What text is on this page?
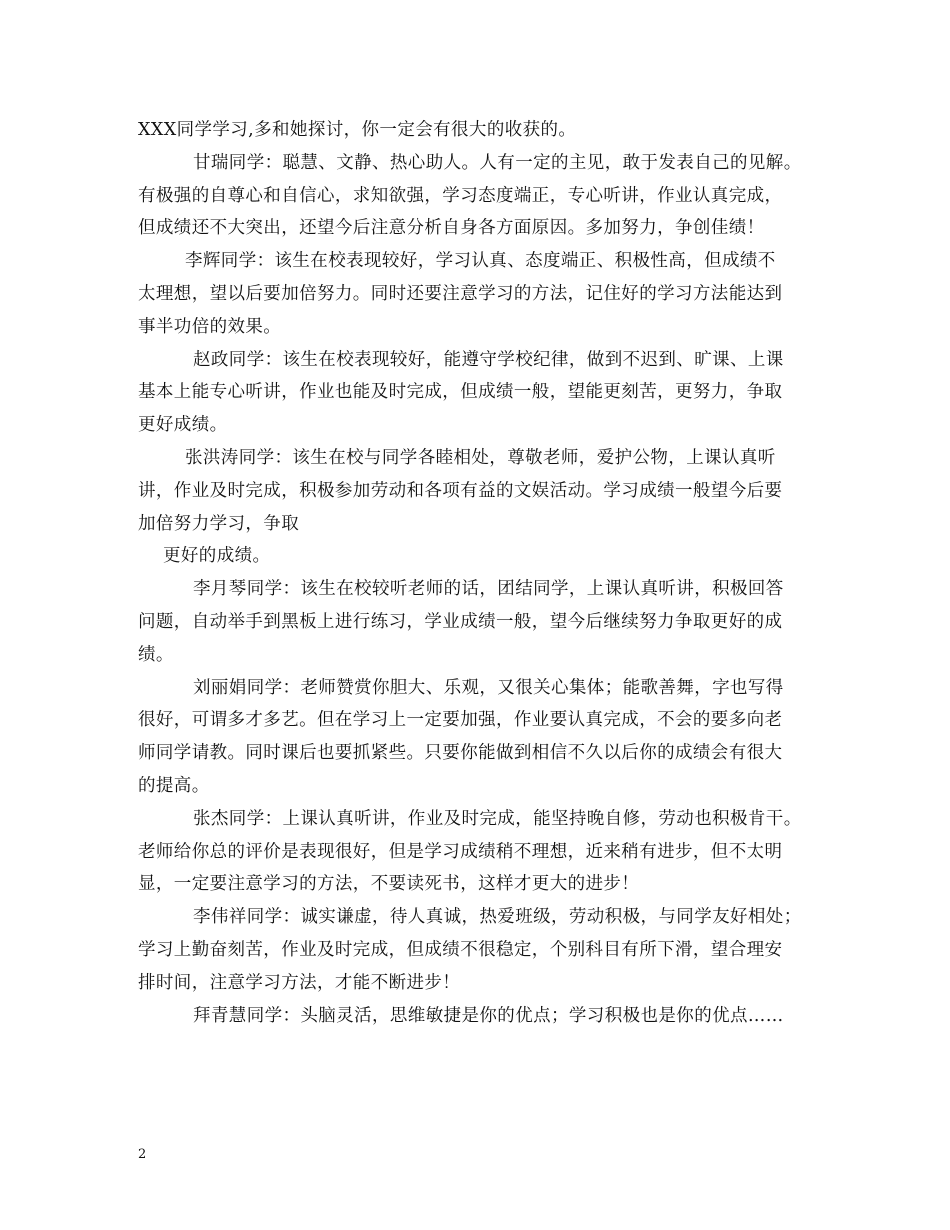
XXX同学学习,多和她探讨，你一定会有很大的收获的。
甘瑞同学：聪慧、文静、热心助人。人有一定的主见，敢于发表自己的见解。
有极强的自尊心和自信心，求知欲强，学习态度端正，专心听讲，作业认真完成，
但成绩还不大突出，还望今后注意分析自身各方面原因。多加努力，争创佳绩！
李辉同学：该生在校表现较好，学习认真、态度端正、积极性高，但成绩不
太理想，望以后要加倍努力。同时还要注意学习的方法，记住好的学习方法能达到
事半功倍的效果。
赵政同学：该生在校表现较好，能遵守学校纪律，做到不迟到、旷课、上课
基本上能专心听讲，作业也能及时完成，但成绩一般，望能更刻苦，更努力，争取
更好成绩。
张洪涛同学：该生在校与同学各睦相处，尊敬老师，爱护公物，上课认真听
讲，作业及时完成，积极参加劳动和各项有益的文娱活动。学习成绩一般望今后要
加倍努力学习，争取
更好的成绩。
李月琴同学：该生在校较听老师的话，团结同学，上课认真听讲，积极回答
问题，自动举手到黑板上进行练习，学业成绩一般，望今后继续努力争取更好的成
绩。
刘丽娟同学：老师赞赏你胆大、乐观，又很关心集体；能歌善舞，字也写得
很好，可谓多才多艺。但在学习上一定要加强，作业要认真完成，不会的要多向老
师同学请教。同时课后也要抓紧些。只要你能做到相信不久以后你的成绩会有很大
的提高。
张杰同学：上课认真听讲，作业及时完成，能坚持晚自修，劳动也积极肯干。
老师给你总的评价是表现很好，但是学习成绩稍不理想，近来稍有进步，但不太明
显，一定要注意学习的方法，不要读死书，这样才更大的进步！
李伟祥同学：诚实谦虚，待人真诚，热爱班级，劳动积极，与同学友好相处；
学习上勤奋刻苦，作业及时完成，但成绩不很稳定，个别科目有所下滑，望合理安
排时间，注意学习方法，才能不断进步！
拜青慧同学：头脑灵活，思维敏捷是你的优点；学习积极也是你的优点……
2
